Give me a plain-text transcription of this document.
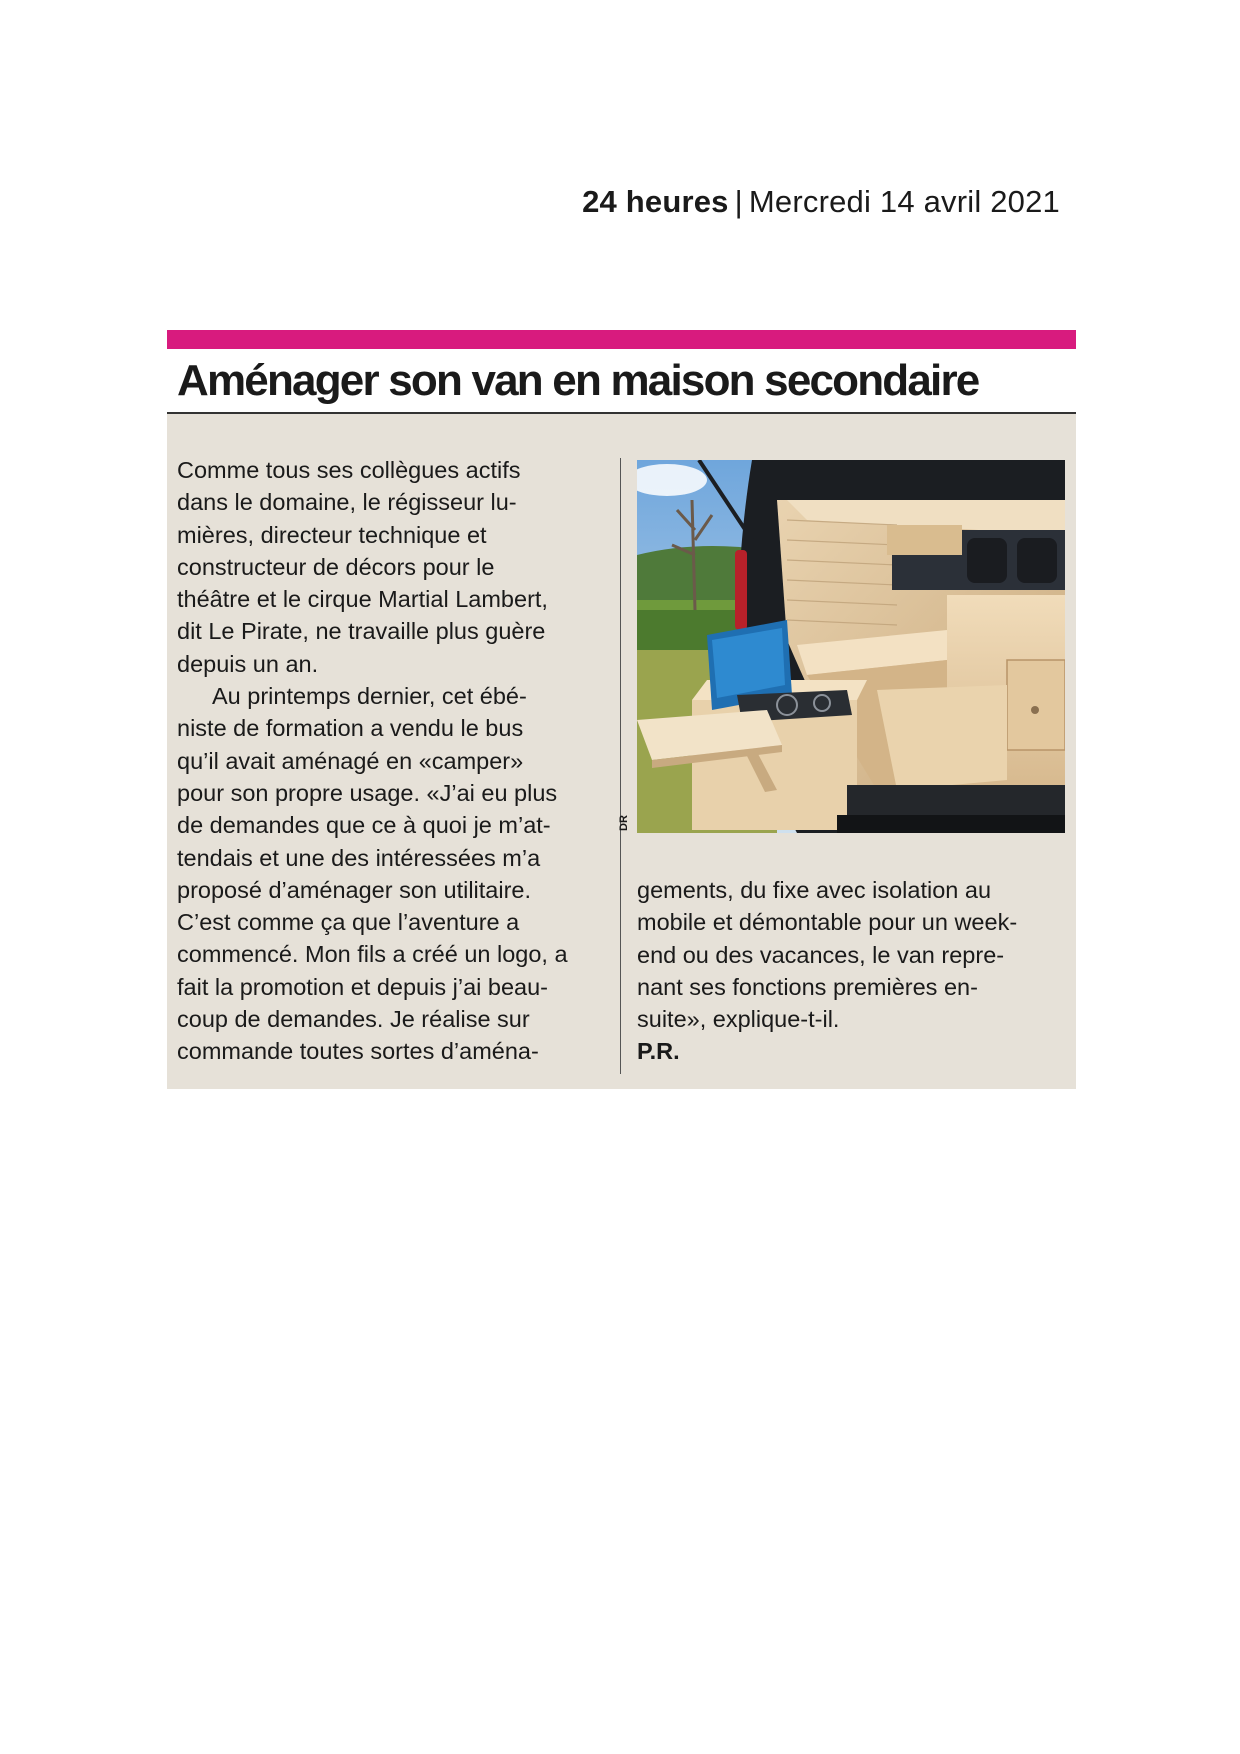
24 heures | Mercredi 14 avril 2021
Aménager son van en maison secondaire

Comme tous ses collègues actifs
dans le domaine, le régisseur lu-
mières, directeur technique et
constructeur de décors pour le
théâtre et le cirque Martial Lambert,
dit Le Pirate, ne travaille plus guère
depuis un an.

Au printemps dernier, cet ébé-
niste de formation a vendu le bus
qu’il avait aménagé en «camper»
pour son propre usage. «J’ai eu plus
de demandes que ce à quoi je m’at-
tendais et une des intéressées m’a
proposé d’aménager son utilitaire.
C’est comme ça que l’aventure a
commencé. Mon fils a créé un logo, a
fait la promotion et depuis j’ai beau-
coup de demandes. Je réalise sur
commande toutes sortes d’aména-

DR

gements, du fixe avec isolation au
mobile et démontable pour un week-
end ou des vacances, le van repre-
nant ses fonctions premières en-
suite», explique-t-il.

P.R.
